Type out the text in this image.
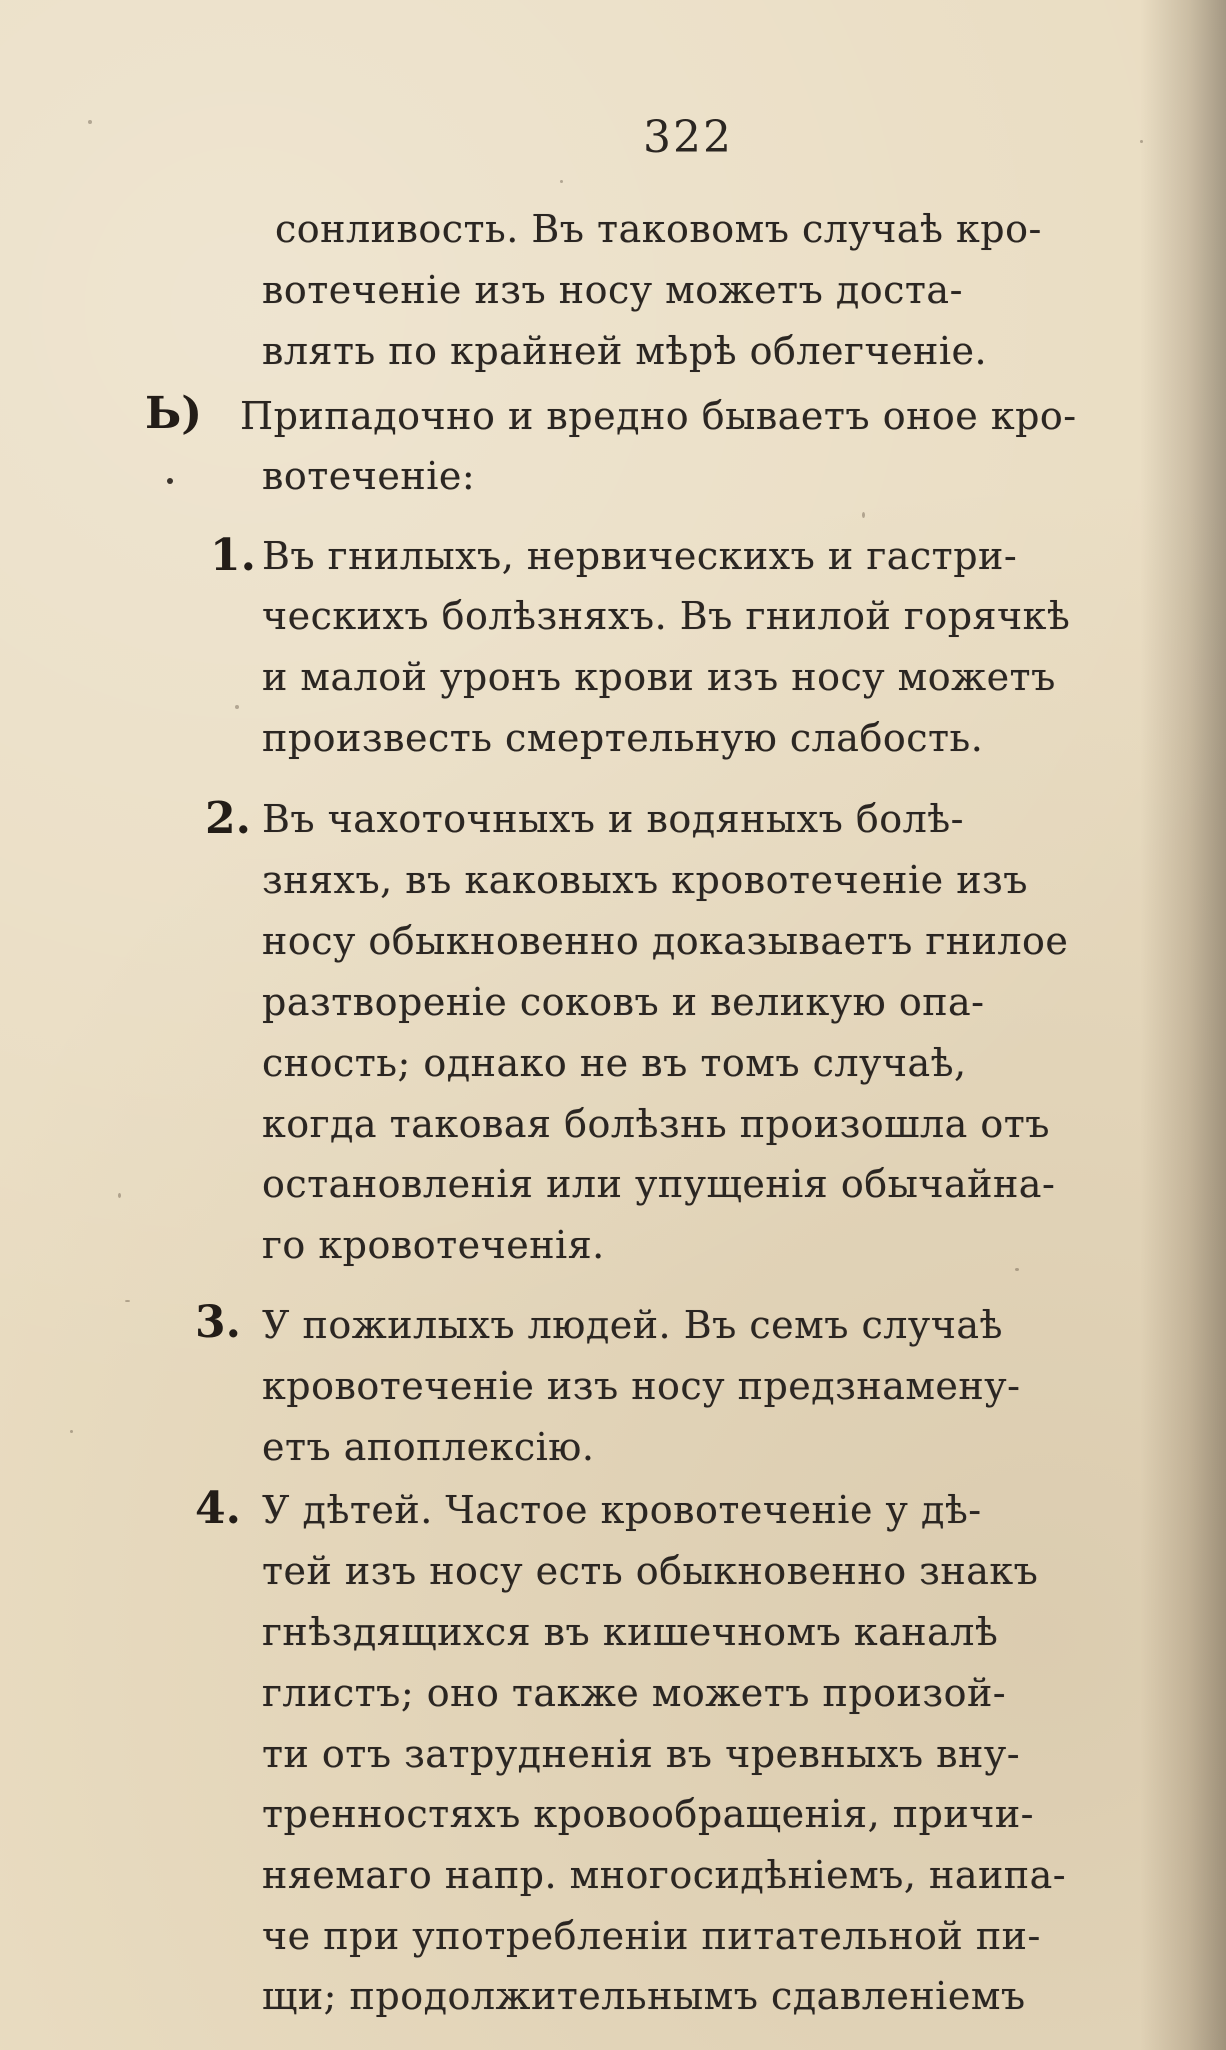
322
сонливость. Въ таковомъ случаѣ кро-
вотеченіе изъ носу можетъ доста-
влять по крайней мѣрѣ облегченіе.
Ь) Припадочно и вредно бываетъ оное кро-
вотеченіе:
1. Въ гнилыхъ, нервическихъ и гастри-
ческихъ болѣзняхъ. Въ гнилой горячкѣ
и малой уронъ крови изъ носу можетъ
произвесть смертельную слабость.
2. Въ чахоточныхъ и водяныхъ болѣ-
зняхъ, въ каковыхъ кровотеченіе изъ
носу обыкновенно доказываетъ гнилое
разтвореніе соковъ и великую опа-
сность; однако не въ томъ случаѣ,
когда таковая болѣзнь произошла отъ
остановленія или упущенія обычайна-
го кровотеченія.
3. У пожилыхъ людей. Въ семъ случаѣ
кровотеченіе изъ носу предзнамену-
етъ апоплексію.
4. У дѣтей. Частое кровотеченіе у дѣ-
тей изъ носу есть обыкновенно знакъ
гнѣздящихся въ кишечномъ каналѣ
глистъ; оно также можетъ произой-
ти отъ затрудненія въ чревныхъ вну-
тренностяхъ кровообращенія, причи-
няемаго напр. многосидѣніемъ, наипа-
че при употребленіи питательной пи-
щи; продолжительнымъ сдавленіемъ
